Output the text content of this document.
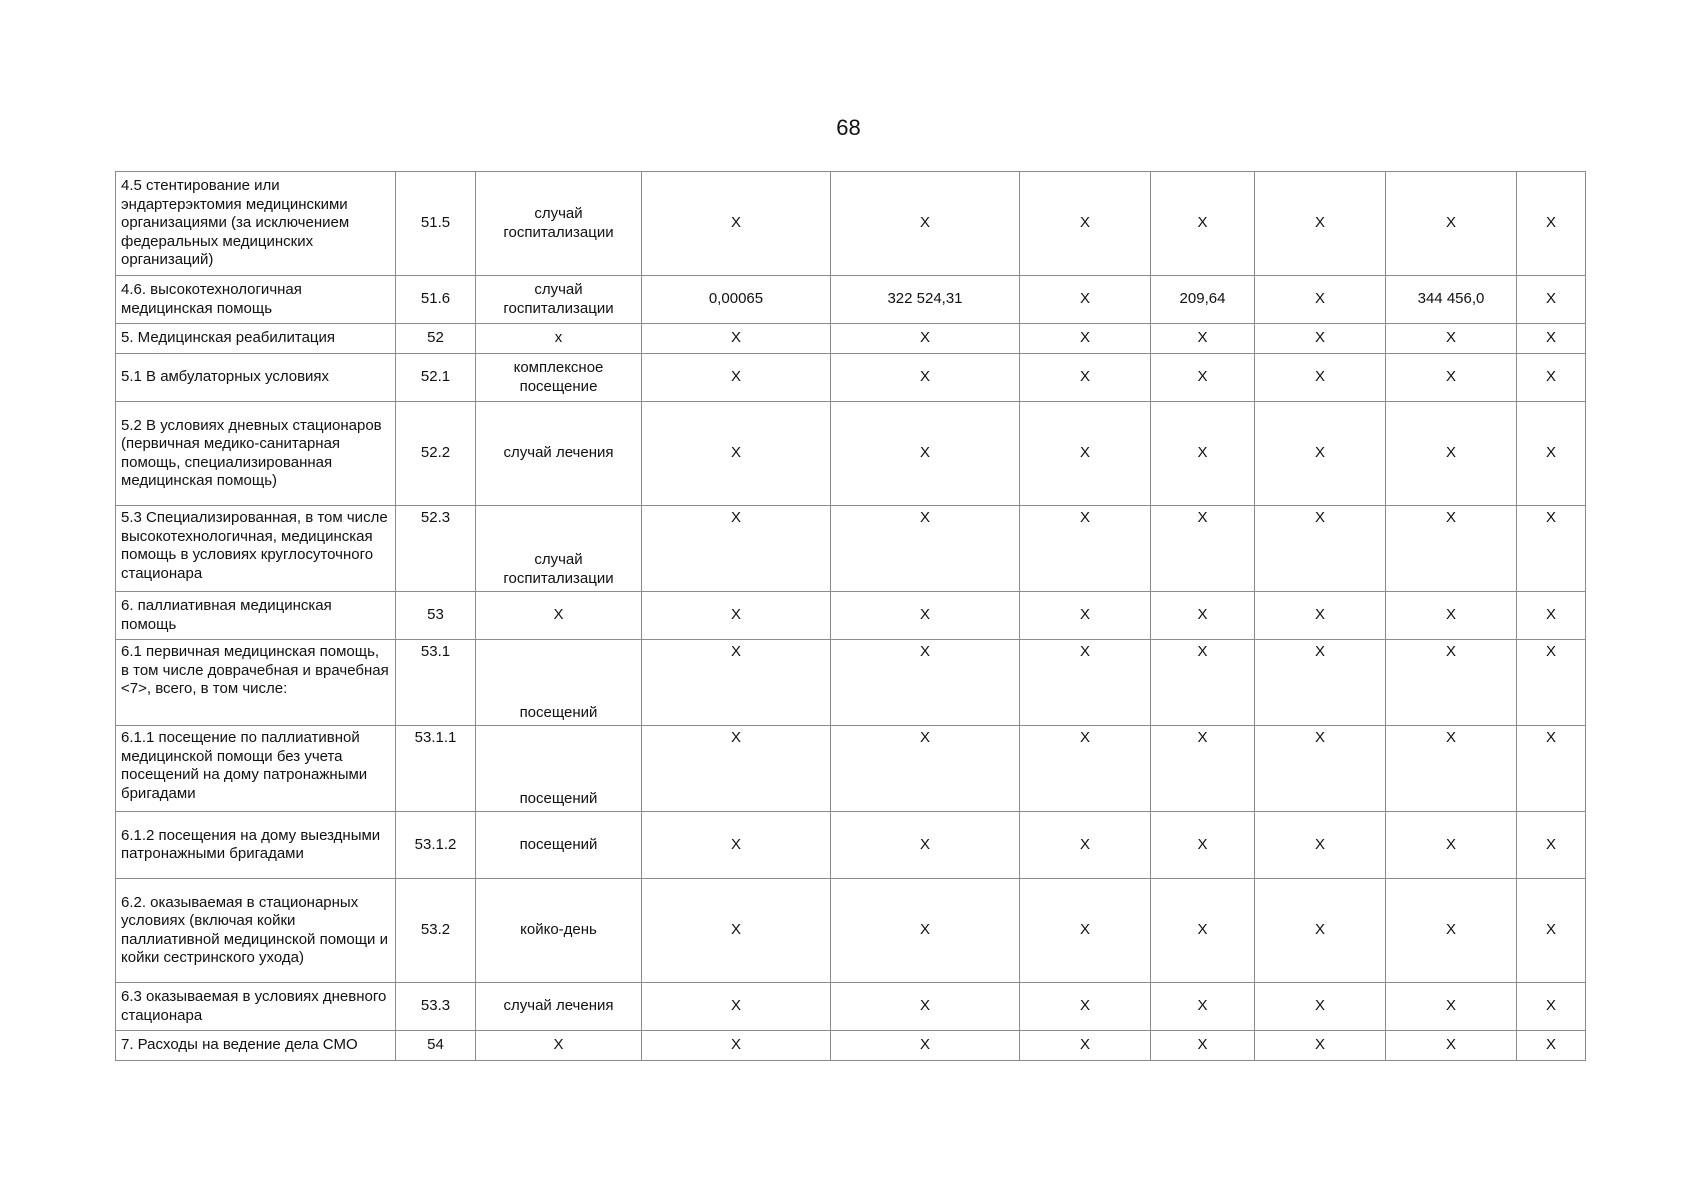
68
4.5 стентирование или эндартерэктомия медицинскими организациями (за исключением федеральных медицинских организаций)	51.5	случай госпитализации	X	X	X	X	X	X	X
4.6. высокотехнологичная медицинская помощь	51.6	случай госпитализации	0,00065	322 524,31	X	209,64	X	344 456,0	X
5. Медицинская реабилитация	52	x	X	X	X	X	X	X	X
5.1 В амбулаторных условиях	52.1	комплексное посещение	X	X	X	X	X	X	X
5.2 В условиях дневных стационаров (первичная медико-санитарная помощь, специализированная медицинская помощь)	52.2	случай лечения	X	X	X	X	X	X	X
5.3 Специализированная, в том числе высокотехнологичная, медицинская помощь в условиях круглосуточного стационара	52.3	случай госпитализации	X	X	X	X	X	X	X
6. паллиативная медицинская помощь	53	X	X	X	X	X	X	X	X
6.1 первичная медицинская помощь, в том числе доврачебная и врачебная <7>, всего, в том числе:	53.1	посещений	X	X	X	X	X	X	X
6.1.1 посещение по паллиативной медицинской помощи без учета посещений на дому патронажными бригадами	53.1.1	посещений	X	X	X	X	X	X	X
6.1.2 посещения на дому выездными патронажными бригадами	53.1.2	посещений	X	X	X	X	X	X	X
6.2. оказываемая в стационарных условиях (включая койки паллиативной медицинской помощи и койки сестринского ухода)	53.2	койко-день	X	X	X	X	X	X	X
6.3 оказываемая в условиях дневного стационара	53.3	случай лечения	X	X	X	X	X	X	X
7. Расходы на ведение дела СМО	54	X	X	X	X	X	X	X	X
